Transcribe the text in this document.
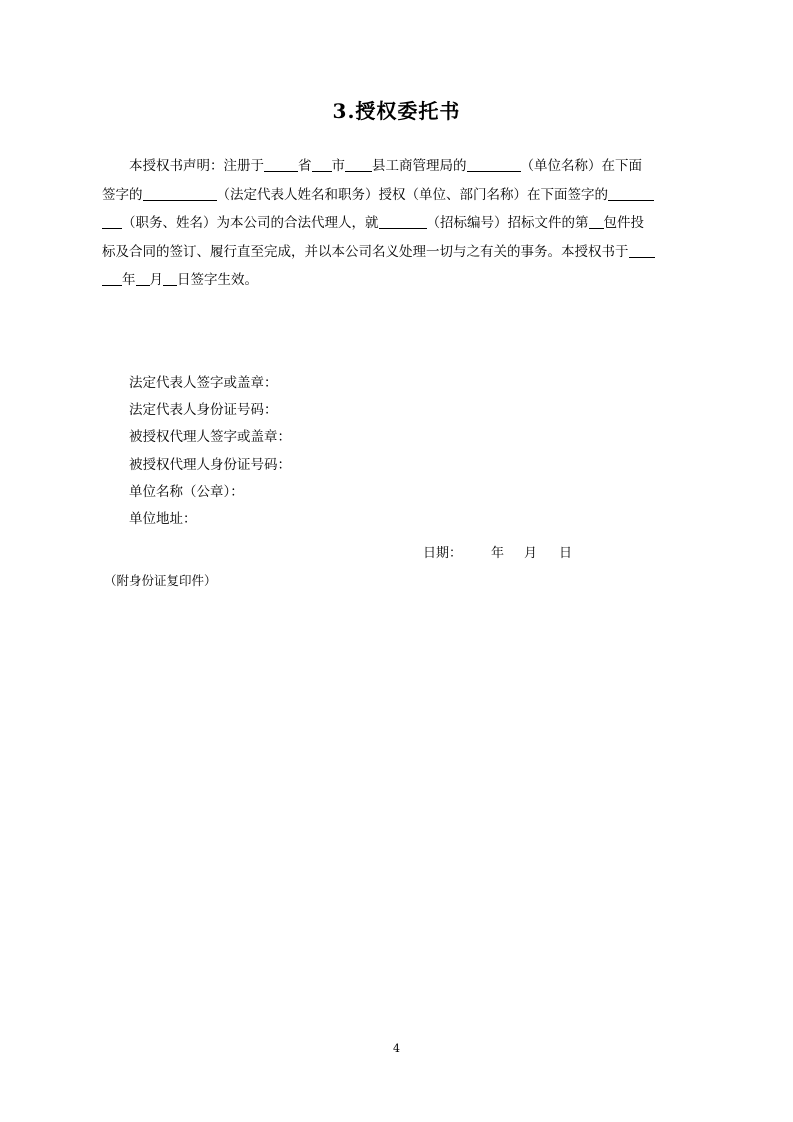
3.授权委托书
本授权书声明：注册于	省 市 县工商管理局的	（单位名称）在下面
签字的	（法定代表人姓名和职务）授权（单位、部门名称）在下面签字的
（职务、姓名）为本公司的合法代理人，就	（招标编号）招标文件的第 包件投
标及合同的签订、履行直至完成，并以本公司名义处理一切与之有关的事务。本授权书于
年 月 日签字生效。
法定代表人签字或盖章：
法定代表人身份证号码：
被授权代理人签字或盖章：
被授权代理人身份证号码：
单位名称（公章）：
单位地址：
日期： 年 月 日
（附身份证复印件）
4
